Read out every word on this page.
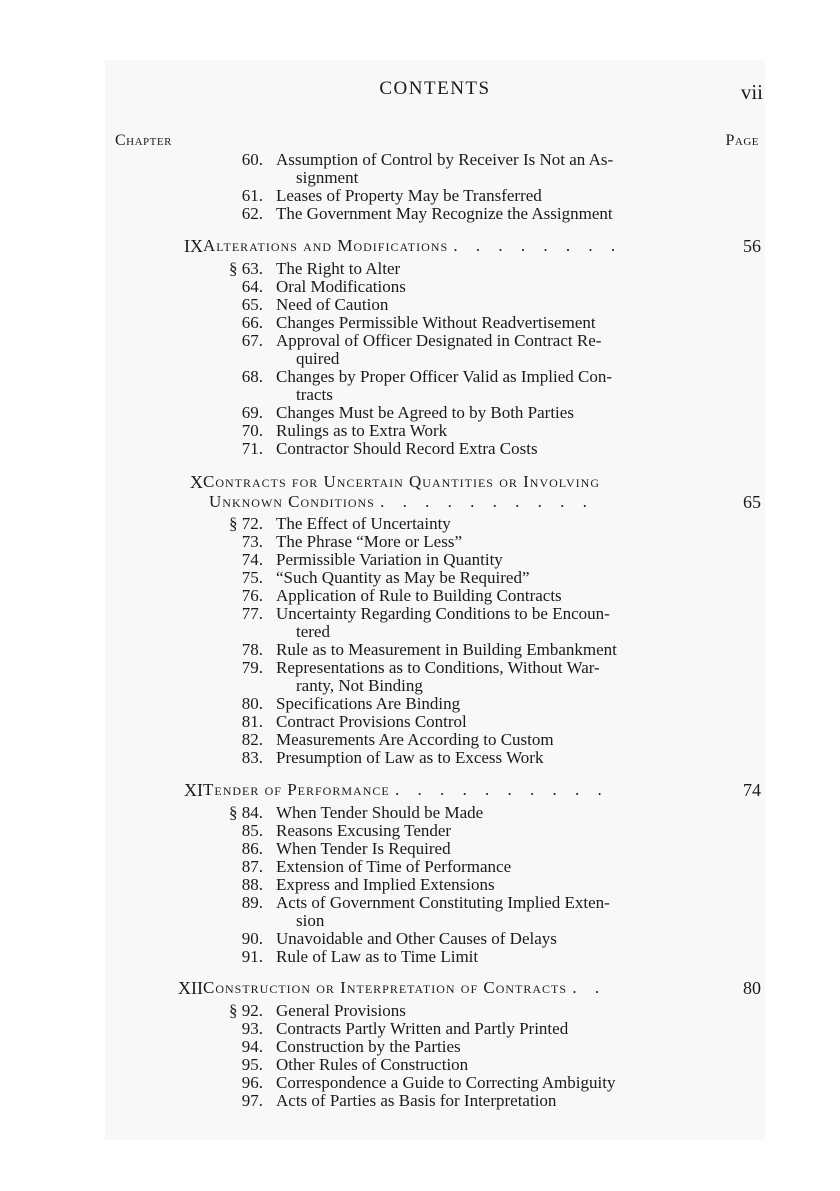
CONTENTS	vii
Chapter	Page
60. Assumption of Control by Receiver Is Not an As-
signment
61. Leases of Property May be Transferred
62. The Government May Recognize the Assignment
IX Alterations and Modifications . . . . . . . .	56
§ 63. The Right to Alter
64. Oral Modifications
65. Need of Caution
66. Changes Permissible Without Readvertisement
67. Approval of Officer Designated in Contract Re-
quired
68. Changes by Proper Officer Valid as Implied Con-
tracts
69. Changes Must be Agreed to by Both Parties
70. Rulings as to Extra Work
71. Contractor Should Record Extra Costs
X Contracts for Uncertain Quantities or Involving
Unknown Conditions . . . . . . . . . .	65
§ 72. The Effect of Uncertainty
73. The Phrase “More or Less”
74. Permissible Variation in Quantity
75. “Such Quantity as May be Required”
76. Application of Rule to Building Contracts
77. Uncertainty Regarding Conditions to be Encoun-
tered
78. Rule as to Measurement in Building Embankment
79. Representations as to Conditions, Without War-
ranty, Not Binding
80. Specifications Are Binding
81. Contract Provisions Control
82. Measurements Are According to Custom
83. Presumption of Law as to Excess Work
XI Tender of Performance . . . . . . . . . .	74
§ 84. When Tender Should be Made
85. Reasons Excusing Tender
86. When Tender Is Required
87. Extension of Time of Performance
88. Express and Implied Extensions
89. Acts of Government Constituting Implied Exten-
sion
90. Unavoidable and Other Causes of Delays
91. Rule of Law as to Time Limit
XII Construction or Interpretation of Contracts . .	80
§ 92. General Provisions
93. Contracts Partly Written and Partly Printed
94. Construction by the Parties
95. Other Rules of Construction
96. Correspondence a Guide to Correcting Ambiguity
97. Acts of Parties as Basis for Interpretation
